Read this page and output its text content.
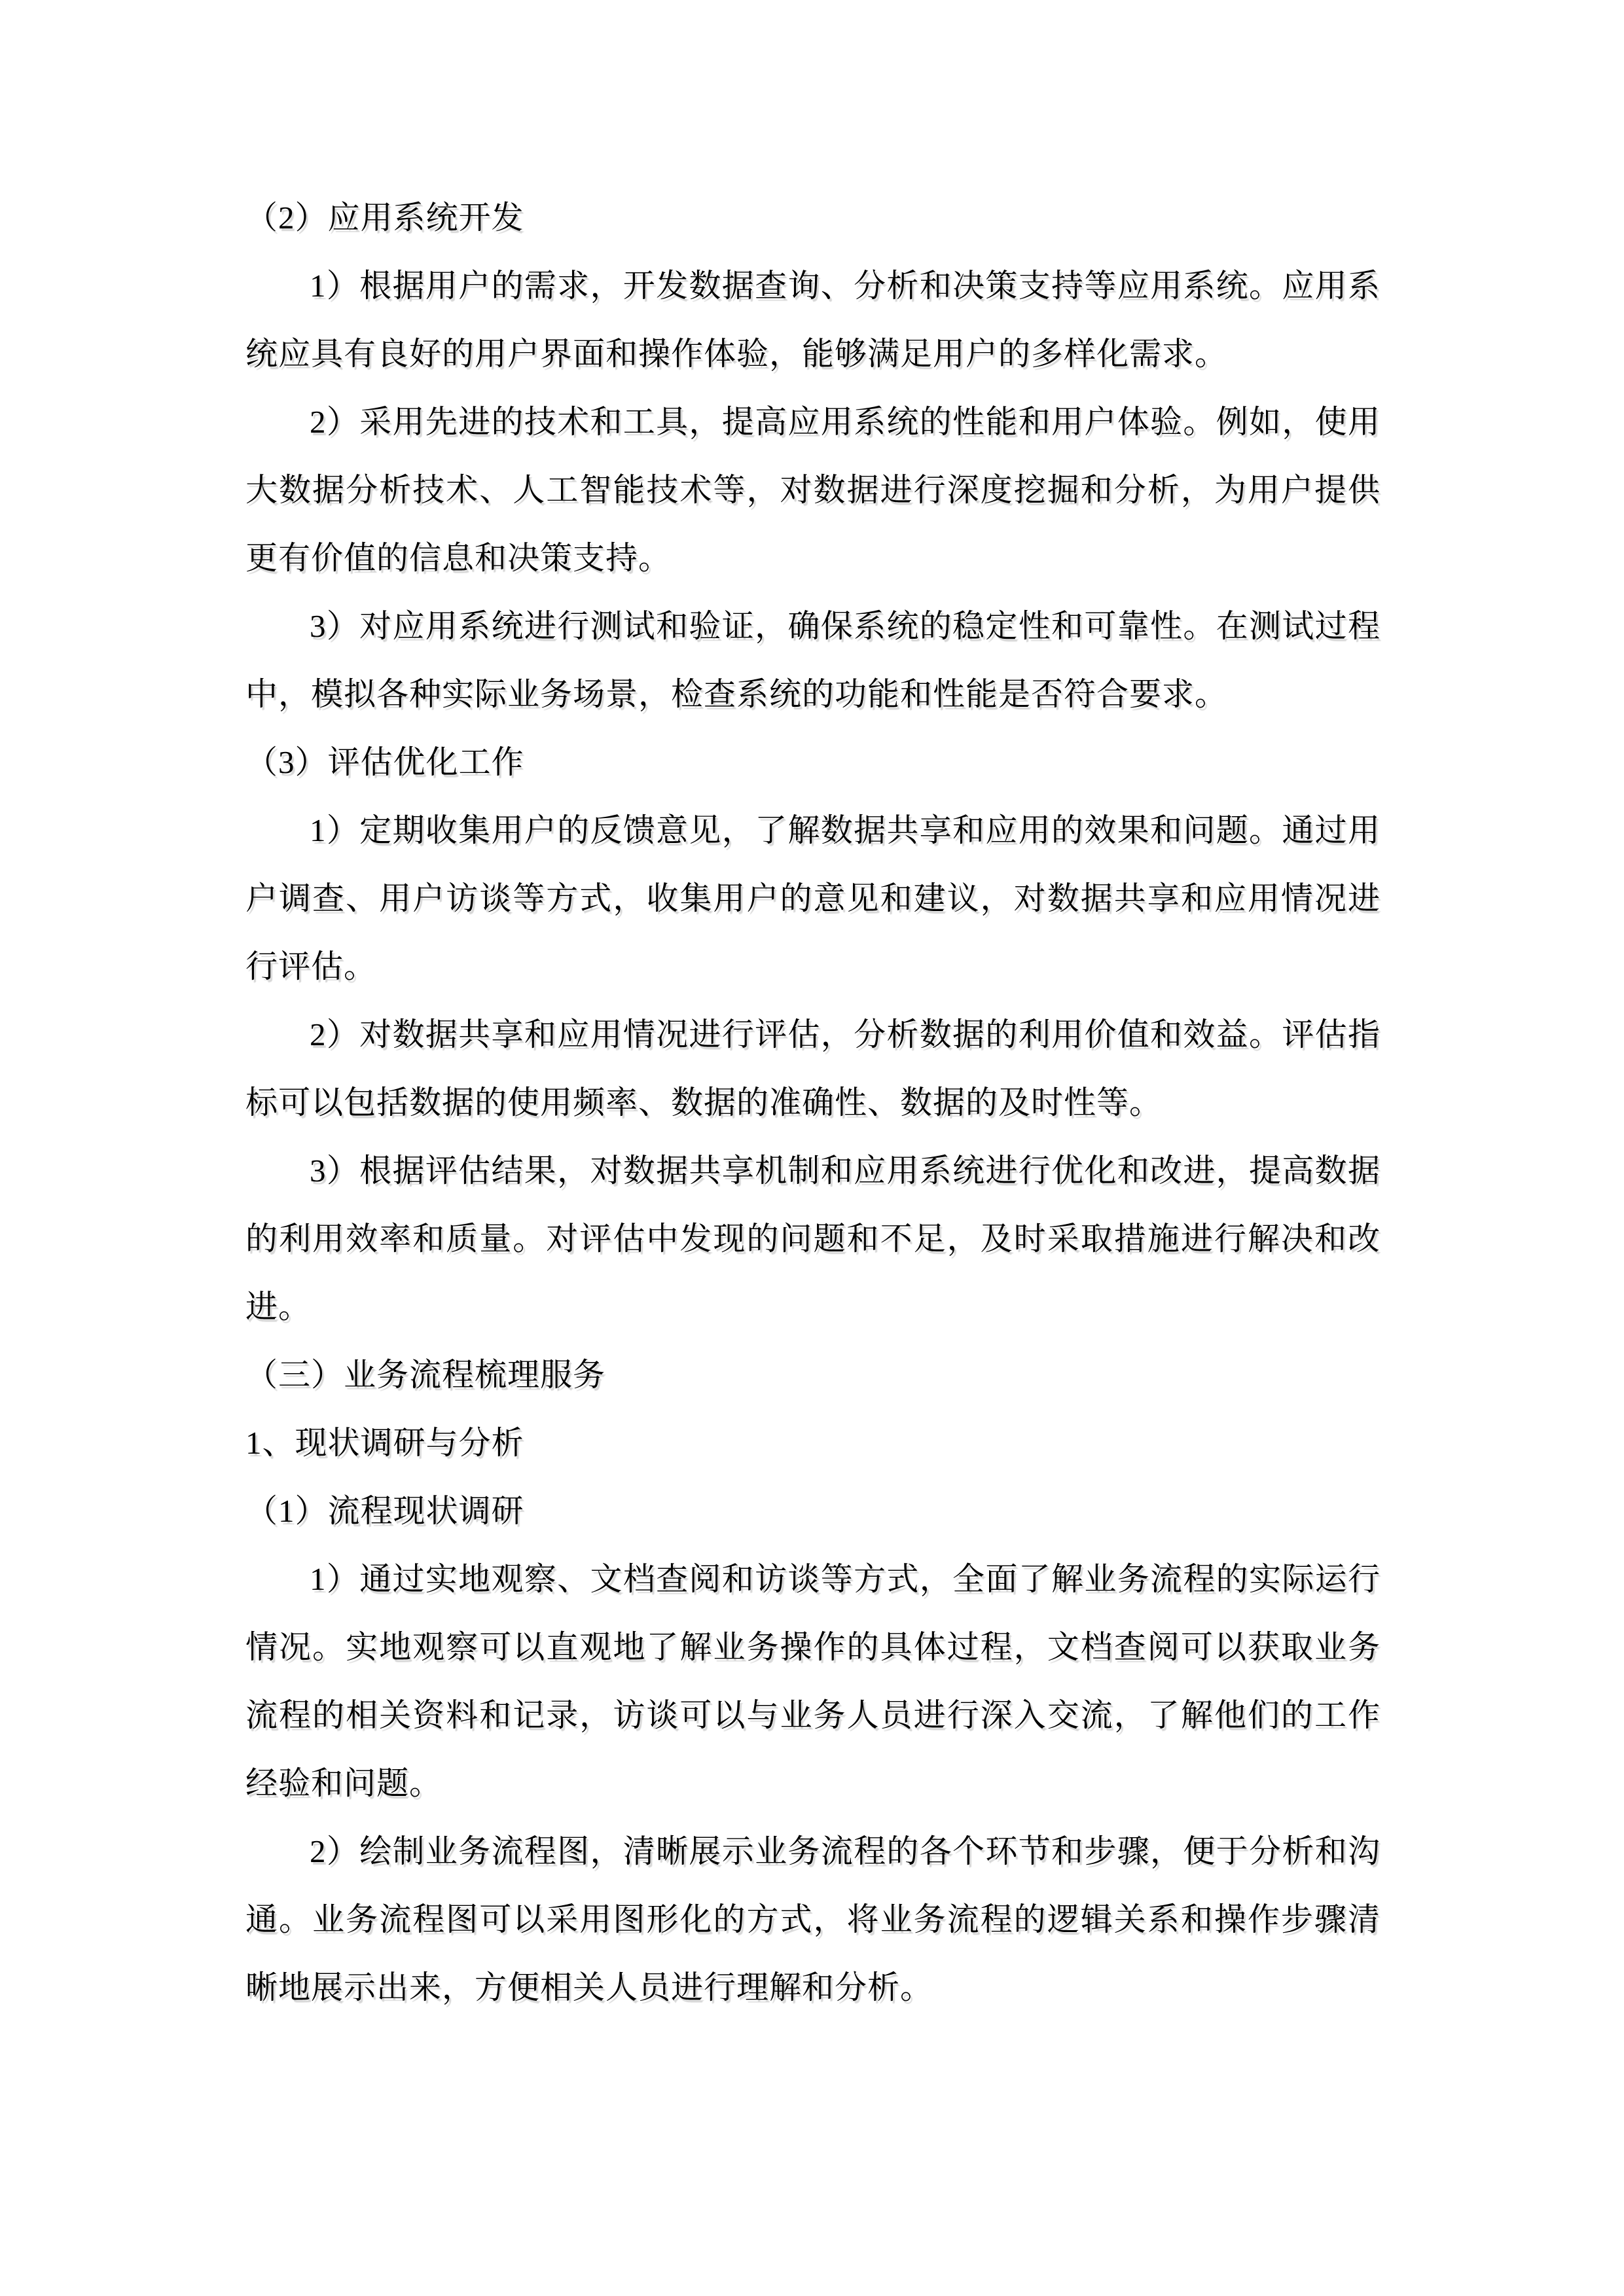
（2）应用系统开发

1）根据用户的需求，开发数据查询、分析和决策支持等应用系统。应用系统应具有良好的用户界面和操作体验，能够满足用户的多样化需求。

2）采用先进的技术和工具，提高应用系统的性能和用户体验。例如，使用大数据分析技术、人工智能技术等，对数据进行深度挖掘和分析，为用户提供更有价值的信息和决策支持。

3）对应用系统进行测试和验证，确保系统的稳定性和可靠性。在测试过程中，模拟各种实际业务场景，检查系统的功能和性能是否符合要求。

（3）评估优化工作

1）定期收集用户的反馈意见，了解数据共享和应用的效果和问题。通过用户调查、用户访谈等方式，收集用户的意见和建议，对数据共享和应用情况进行评估。

2）对数据共享和应用情况进行评估，分析数据的利用价值和效益。评估指标可以包括数据的使用频率、数据的准确性、数据的及时性等。

3）根据评估结果，对数据共享机制和应用系统进行优化和改进，提高数据的利用效率和质量。对评估中发现的问题和不足，及时采取措施进行解决和改进。

（三）业务流程梳理服务

1、现状调研与分析

（1）流程现状调研

1）通过实地观察、文档查阅和访谈等方式，全面了解业务流程的实际运行情况。实地观察可以直观地了解业务操作的具体过程，文档查阅可以获取业务流程的相关资料和记录，访谈可以与业务人员进行深入交流，了解他们的工作经验和问题。

2）绘制业务流程图，清晰展示业务流程的各个环节和步骤，便于分析和沟通。业务流程图可以采用图形化的方式，将业务流程的逻辑关系和操作步骤清晰地展示出来，方便相关人员进行理解和分析。
